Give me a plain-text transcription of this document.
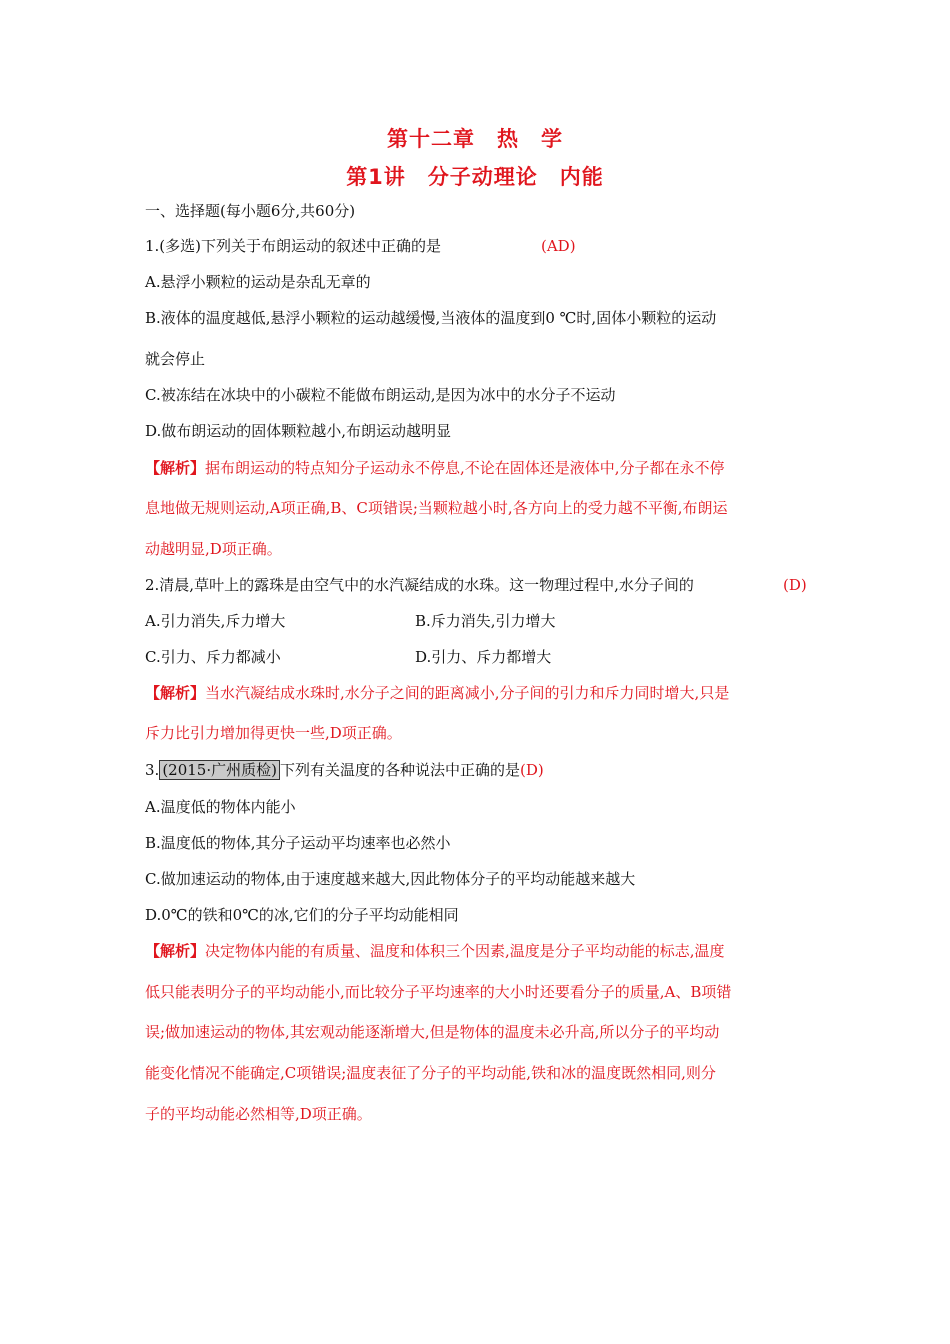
第十二章　热　学
第1讲　分子动理论　内能
一、选择题(每小题6分,共60分)
1.(多选)下列关于布朗运动的叙述中正确的是	(AD)
A.悬浮小颗粒的运动是杂乱无章的
B.液体的温度越低,悬浮小颗粒的运动越缓慢,当液体的温度到0 ℃时,固体小颗粒的运动
就会停止
C.被冻结在冰块中的小碳粒不能做布朗运动,是因为冰中的水分子不运动
D.做布朗运动的固体颗粒越小,布朗运动越明显
【解析】据布朗运动的特点知分子运动永不停息,不论在固体还是液体中,分子都在永不停
息地做无规则运动,A项正确,B、C项错误;当颗粒越小时,各方向上的受力越不平衡,布朗运
动越明显,D项正确。
2.清晨,草叶上的露珠是由空气中的水汽凝结成的水珠。这一物理过程中,水分子间的	(D)
A.引力消失,斥力增大	B.斥力消失,引力增大
C.引力、斥力都减小	D.引力、斥力都增大
【解析】当水汽凝结成水珠时,水分子之间的距离减小,分子间的引力和斥力同时增大,只是
斥力比引力增加得更快一些,D项正确。
3. (2015·广州质检) 下列有关温度的各种说法中正确的是(D)
A.温度低的物体内能小
B.温度低的物体,其分子运动平均速率也必然小
C.做加速运动的物体,由于速度越来越大,因此物体分子的平均动能越来越大
D.0℃的铁和0℃的冰,它们的分子平均动能相同
【解析】决定物体内能的有质量、温度和体积三个因素,温度是分子平均动能的标志,温度
低只能表明分子的平均动能小,而比较分子平均速率的大小时还要看分子的质量,A、B项错
误;做加速运动的物体,其宏观动能逐渐增大,但是物体的温度未必升高,所以分子的平均动
能变化情况不能确定,C项错误;温度表征了分子的平均动能,铁和冰的温度既然相同,则分
子的平均动能必然相等,D项正确。
